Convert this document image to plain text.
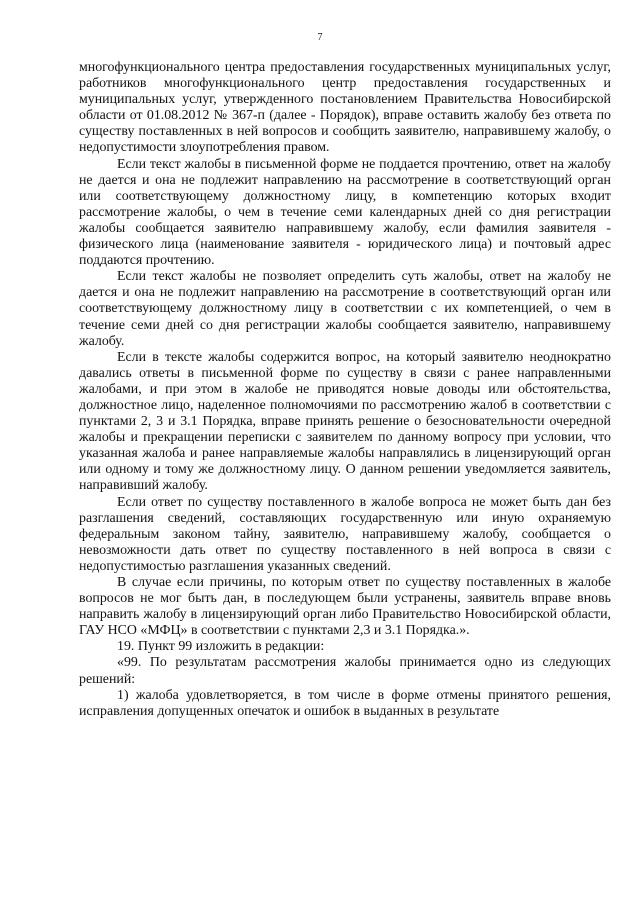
7

многофункционального центра предоставления государственных муниципальных услуг, работников многофункционального центр предоставления государственных и муниципальных услуг, утвержденного постановлением Правительства Новосибирской области от 01.08.2012 № 367-п (далее - Порядок), вправе оставить жалобу без ответа по существу поставленных в ней вопросов и сообщить заявителю, направившему жалобу, о недопустимости злоупотребления правом.

Если текст жалобы в письменной форме не поддается прочтению, ответ на жалобу не дается и она не подлежит направлению на рассмотрение в соответствующий орган или соответствующему должностному лицу, в компетенцию которых входит рассмотрение жалобы, о чем в течение семи календарных дней со дня регистрации жалобы сообщается заявителю направившему жалобу, если фамилия заявителя - физического лица (наименование заявителя - юридического лица) и почтовый адрес поддаются прочтению.

Если текст жалобы не позволяет определить суть жалобы, ответ на жалобу не дается и она не подлежит направлению на рассмотрение в соответствующий орган или соответствующему должностному лицу в соответствии с их компетенцией, о чем в течение семи дней со дня регистрации жалобы сообщается заявителю, направившему жалобу.

Если в тексте жалобы содержится вопрос, на который заявителю неоднократно давались ответы в письменной форме по существу в связи с ранее направленными жалобами, и при этом в жалобе не приводятся новые доводы или обстоятельства, должностное лицо, наделенное полномочиями по рассмотрению жалоб в соответствии с пунктами 2, 3 и 3.1 Порядка, вправе принять решение о безосновательности очередной жалобы и прекращении переписки с заявителем по данному вопросу при условии, что указанная жалоба и ранее направляемые жалобы направлялись в лицензирующий орган или одному и тому же должностному лицу. О данном решении уведомляется заявитель, направивший жалобу.

Если ответ по существу поставленного в жалобе вопроса не может быть дан без разглашения сведений, составляющих государственную или иную охраняемую федеральным законом тайну, заявителю, направившему жалобу, сообщается о невозможности дать ответ по существу поставленного в ней вопроса в связи с недопустимостью разглашения указанных сведений.

В случае если причины, по которым ответ по существу поставленных в жалобе вопросов не мог быть дан, в последующем были устранены, заявитель вправе вновь направить жалобу в лицензирующий орган либо Правительство Новосибирской области, ГАУ НСО «МФЦ» в соответствии с пунктами 2,3 и 3.1 Порядка.».

19. Пункт 99 изложить в редакции:

«99. По результатам рассмотрения жалобы принимается одно из следующих решений:

1) жалоба удовлетворяется, в том числе в форме отмены принятого решения, исправления допущенных опечаток и ошибок в выданных в результате
